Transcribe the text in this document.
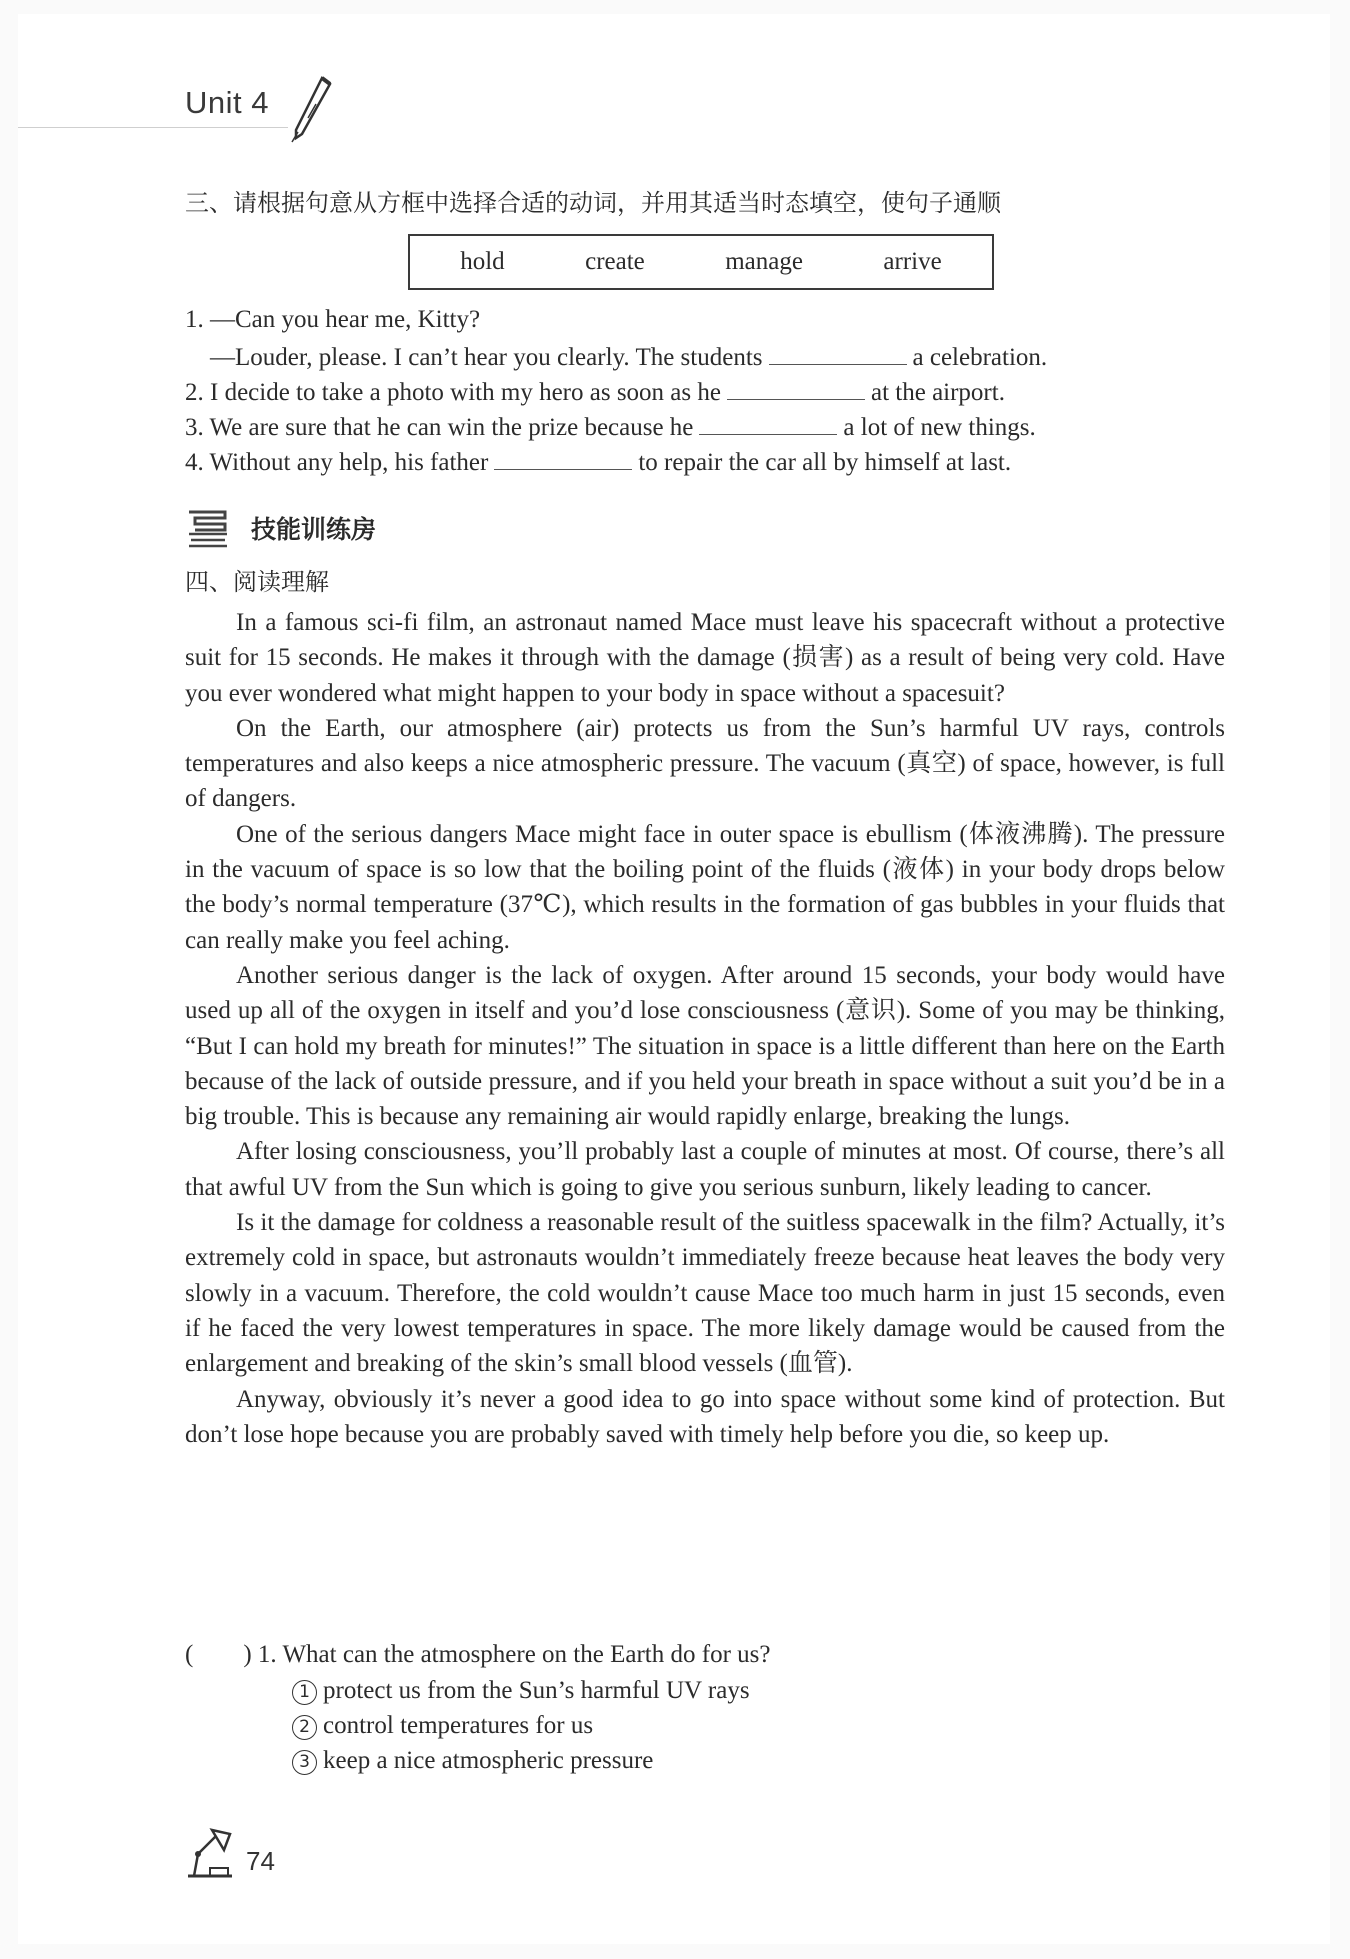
Unit 4
三、请根据句意从方框中选择合适的动词，并用其适当时态填空，使句子通顺
hold	create	manage	arrive
1. —Can you hear me, Kitty?
—Louder, please. I can’t hear you clearly. The students	a celebration.
2. I decide to take a photo with my hero as soon as he	at the airport.
3. We are sure that he can win the prize because he	a lot of new things.
4. Without any help, his father	to repair the car all by himself at last.
技能训练房
四、阅读理解

In a famous sci-fi film, an astronaut named Mace must leave his spacecraft without a protective suit for 15 seconds. He makes it through with the damage (损害) as a result of being very cold. Have you ever wondered what might happen to your body in space without a spacesuit?

On the Earth, our atmosphere (air) protects us from the Sun’s harmful UV rays, controls temperatures and also keeps a nice atmospheric pressure. The vacuum (真空) of space, however, is full of dangers.

One of the serious dangers Mace might face in outer space is ebullism (体液沸腾). The pressure in the vacuum of space is so low that the boiling point of the fluids (液体) in your body drops below the body’s normal temperature (37℃), which results in the formation of gas bubbles in your fluids that can really make you feel aching.

Another serious danger is the lack of oxygen. After around 15 seconds, your body would have used up all of the oxygen in itself and you’d lose consciousness (意识). Some of you may be thinking, “But I can hold my breath for minutes!” The situation in space is a little different than here on the Earth because of the lack of outside pressure, and if you held your breath in space without a suit you’d be in a big trouble. This is because any remaining air would rapidly enlarge, breaking the lungs.

After losing consciousness, you’ll probably last a couple of minutes at most. Of course, there’s all that awful UV from the Sun which is going to give you serious sunburn, likely leading to cancer.

Is it the damage for coldness a reasonable result of the suitless spacewalk in the film? Actually, it’s extremely cold in space, but astronauts wouldn’t immediately freeze because heat leaves the body very slowly in a vacuum. Therefore, the cold wouldn’t cause Mace too much harm in just 15 seconds, even if he faced the very lowest temperatures in space. The more likely damage would be caused from the enlargement and breaking of the skin’s small blood vessels (血管).

Anyway, obviously it’s never a good idea to go into space without some kind of protection. But don’t lose hope because you are probably saved with timely help before you die, so keep up.

(        ) 1. What can the atmosphere on the Earth do for us?
1 protect us from the Sun’s harmful UV rays
2 control temperatures for us
3 keep a nice atmospheric pressure
74
